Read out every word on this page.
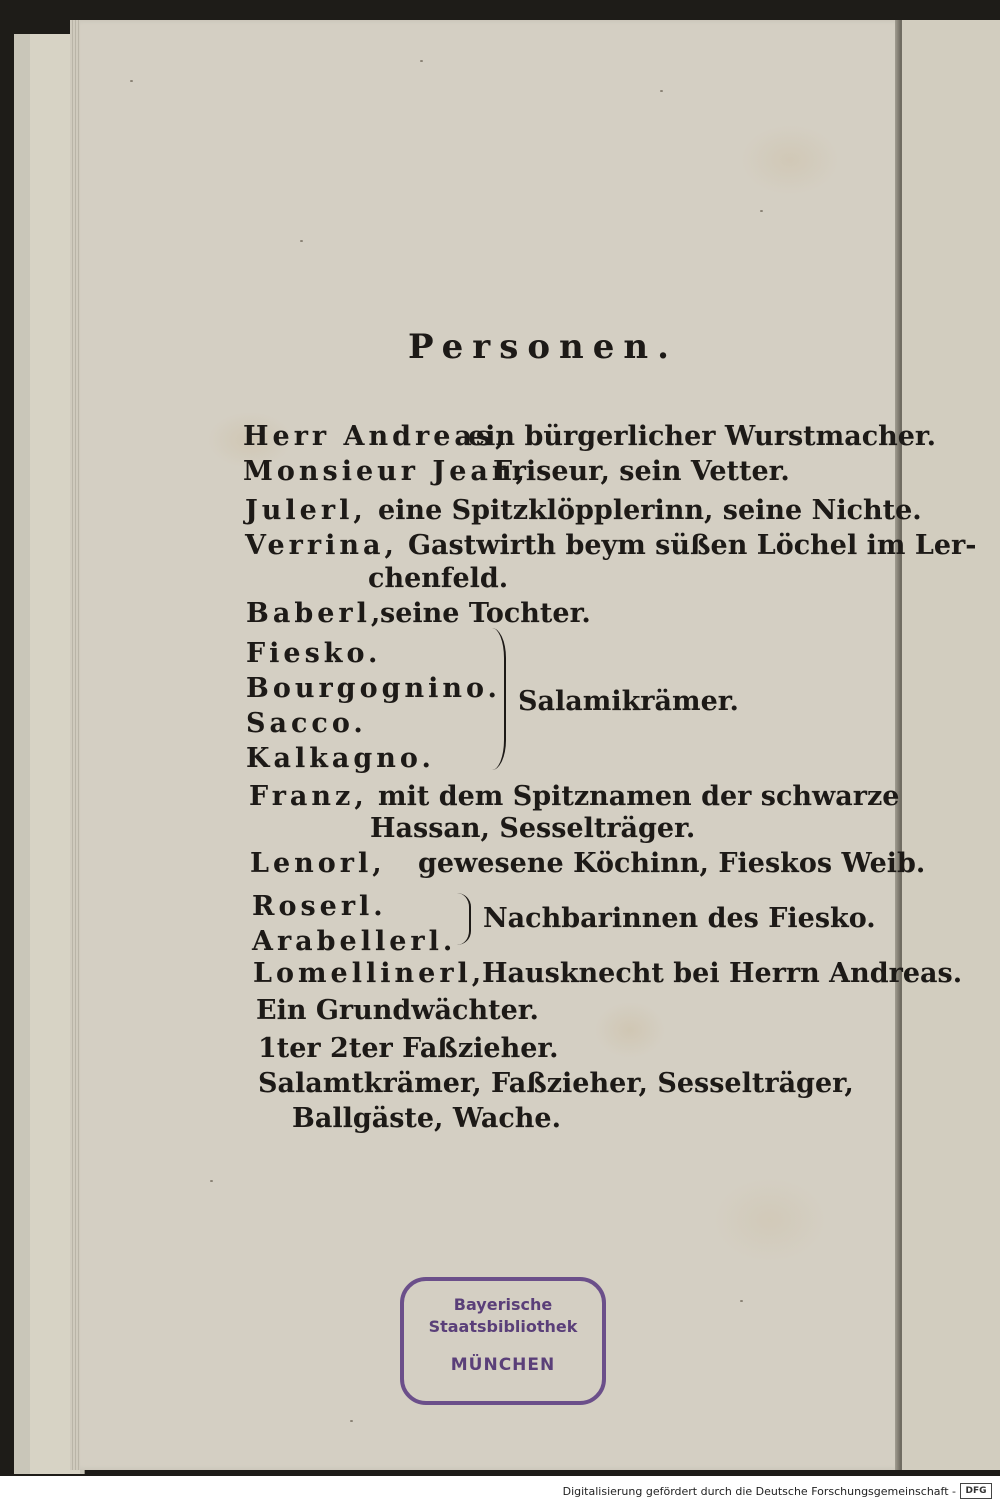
Personen.
Herr Andreas,
ein bürgerlicher Wurstmacher.
Monsieur Jean,
Friseur, sein Vetter.
Julerl, eine Spitzklöpplerinn, seine Nichte.
Verrina, Gastwirth beym süßen Löchel im Ler-
chenfeld.
Baberl,
seine Tochter.
Fiesko.
Bourgognino.
Sacco.
Kalkagno.
Salamikrämer.
Franz, mit dem Spitznamen der schwarze
Hassan, Sesselträger.
Lenorl, gewesene Köchinn, Fieskos Weib.
Roserl.
Arabellerl.
Nachbarinnen des Fiesko.
Lomellinerl,
Hausknecht bei Herrn Andreas.
Ein Grundwächter.
1ter 2ter Faßzieher.
Salamtkrämer, Faßzieher, Sesselträger,
Ballgäste, Wache.
Bayerische
Staatsbibliothek
MÜNCHEN
Digitalisierung gefördert durch die Deutsche Forschungsgemeinschaft -	DFG
